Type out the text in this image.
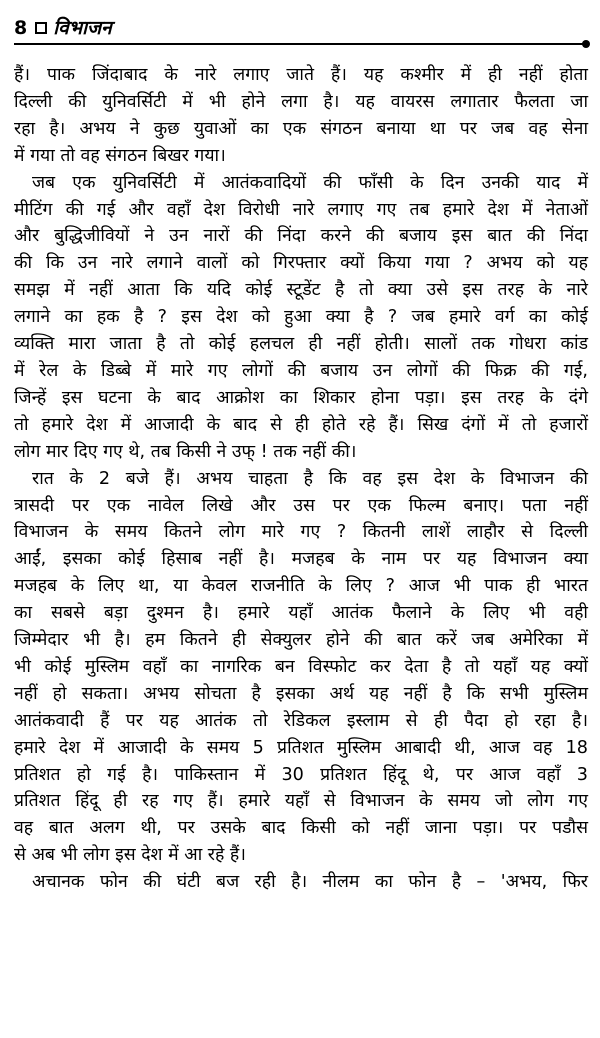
8 विभाजन
हैं। पाक जिंदाबाद के नारे लगाए जाते हैं। यह कश्मीर में ही नहीं होता
दिल्ली की युनिवर्सिटी में भी होने लगा है। यह वायरस लगातार फैलता जा
रहा है। अभय ने कुछ युवाओं का एक संगठन बनाया था पर जब वह सेना
में गया तो वह संगठन बिखर गया।
जब एक युनिवर्सिटी में आतंकवादियों की फाँसी के दिन उनकी याद में
मीटिंग की गई और वहाँ देश विरोधी नारे लगाए गए तब हमारे देश में नेताओं
और बुद्धिजीवियों ने उन नारों की निंदा करने की बजाय इस बात की निंदा
की कि उन नारे लगाने वालों को गिरफ्तार क्यों किया गया ? अभय को यह
समझ में नहीं आता कि यदि कोई स्टूडेंट है तो क्या उसे इस तरह के नारे
लगाने का हक है ? इस देश को हुआ क्या है ? जब हमारे वर्ग का कोई
व्यक्ति मारा जाता है तो कोई हलचल ही नहीं होती। सालों तक गोधरा कांड
में रेल के डिब्बे में मारे गए लोगों की बजाय उन लोगों की फिक्र की गई,
जिन्हें इस घटना के बाद आक्रोश का शिकार होना पड़ा। इस तरह के दंगे
तो हमारे देश में आजादी के बाद से ही होते रहे हैं। सिख दंगों में तो हजारों
लोग मार दिए गए थे, तब किसी ने उफ् ! तक नहीं की।
रात के 2 बजे हैं। अभय चाहता है कि वह इस देश के विभाजन की
त्रासदी पर एक नावेल लिखे और उस पर एक फिल्म बनाए। पता नहीं
विभाजन के समय कितने लोग मारे गए ? कितनी लाशें लाहौर से दिल्ली
आईं, इसका कोई हिसाब नहीं है। मजहब के नाम पर यह विभाजन क्या
मजहब के लिए था, या केवल राजनीति के लिए ? आज भी पाक ही भारत
का सबसे बड़ा दुश्मन है। हमारे यहाँ आतंक फैलाने के लिए भी वही
जिम्मेदार भी है। हम कितने ही सेक्युलर होने की बात करें जब अमेरिका में
भी कोई मुस्लिम वहाँ का नागरिक बन विस्फोट कर देता है तो यहाँ यह क्यों
नहीं हो सकता। अभय सोचता है इसका अर्थ यह नहीं है कि सभी मुस्लिम
आतंकवादी हैं पर यह आतंक तो रेडिकल इस्लाम से ही पैदा हो रहा है।
हमारे देश में आजादी के समय 5 प्रतिशत मुस्लिम आबादी थी, आज वह 18
प्रतिशत हो गई है। पाकिस्तान में 30 प्रतिशत हिंदू थे, पर आज वहाँ 3
प्रतिशत हिंदू ही रह गए हैं। हमारे यहाँ से विभाजन के समय जो लोग गए
वह बात अलग थी, पर उसके बाद किसी को नहीं जाना पड़ा। पर पडौस
से अब भी लोग इस देश में आ रहे हैं।
अचानक फोन की घंटी बज रही है। नीलम का फोन है – 'अभय, फिर
